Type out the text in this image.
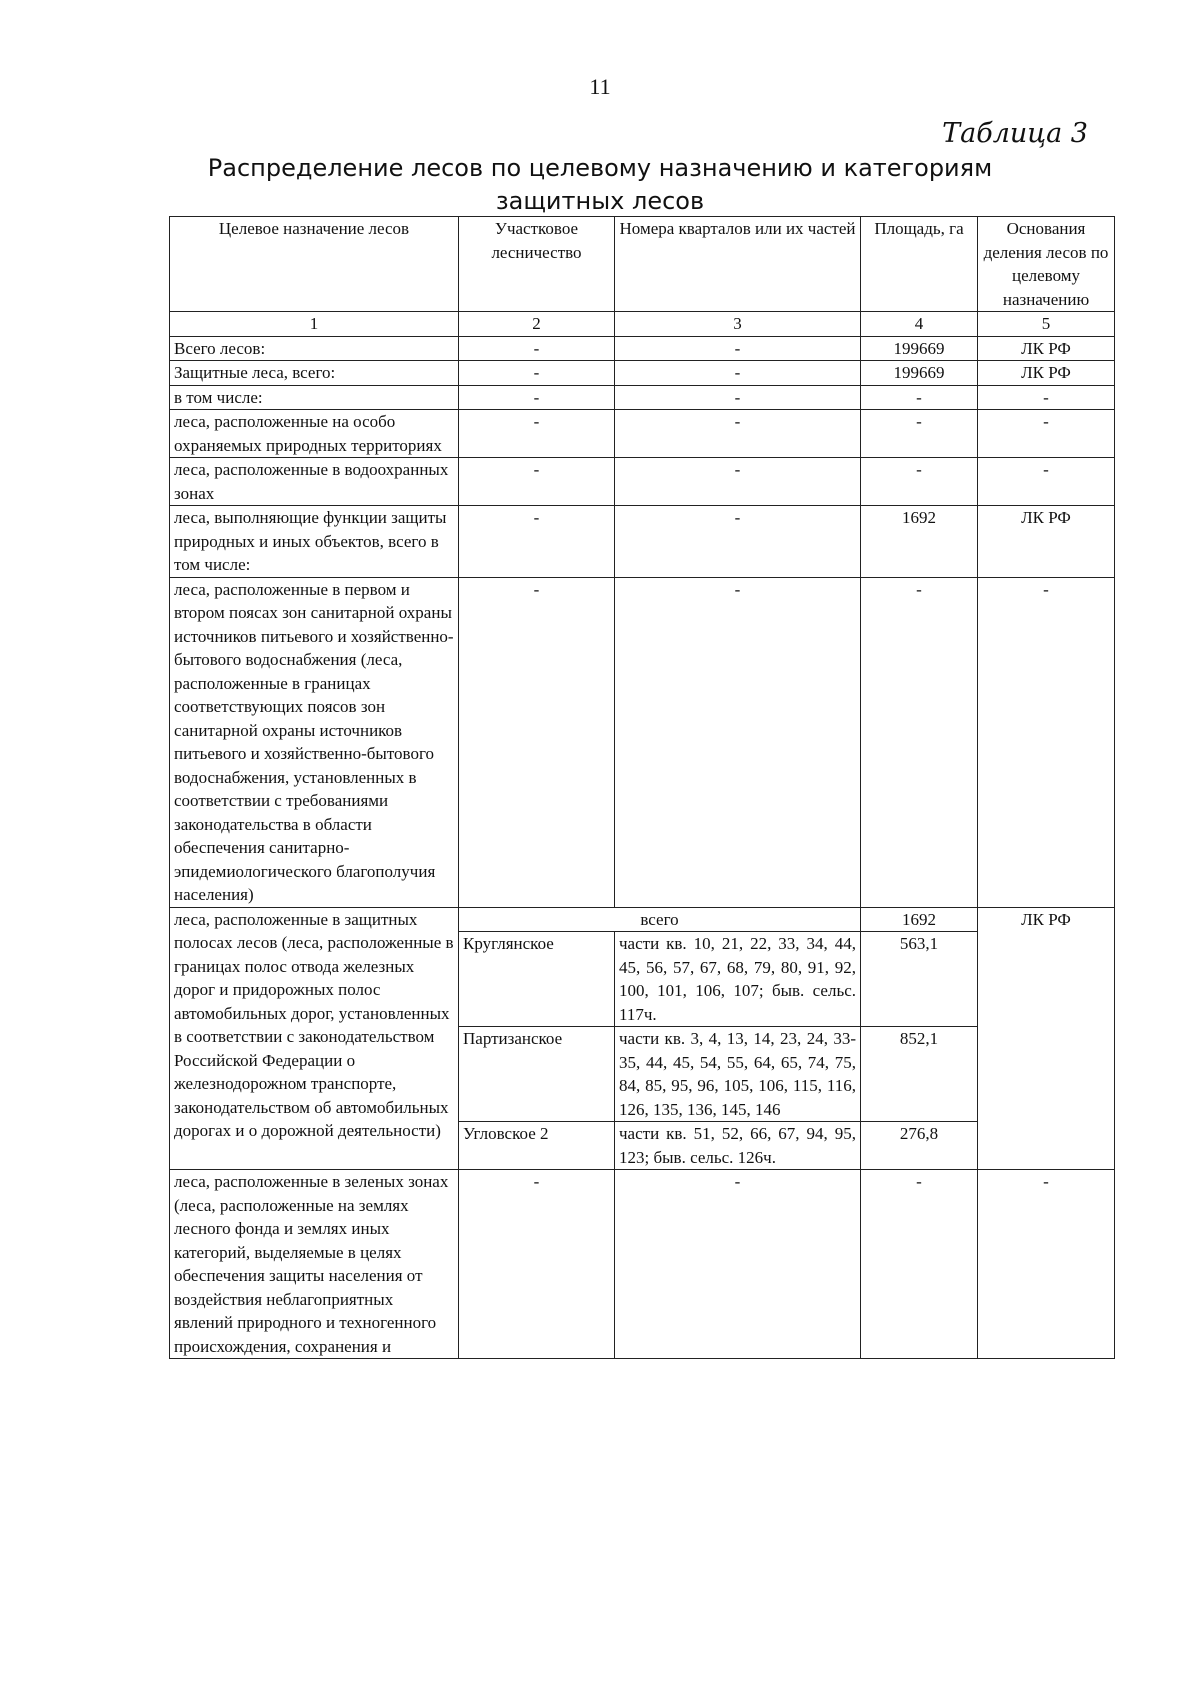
11
Таблица 3
Распределение лесов по целевому назначению и категориям
защитных лесов
Целевое назначение лесов	Участковое лесничество	Номера кварталов или их частей	Площадь, га	Основания деления лесов по целевому назначению
1	2	3	4	5
Всего лесов:	-	-	199669	ЛК РФ
Защитные леса, всего:	-	-	199669	ЛК РФ
в том числе:	-	-	-	-
леса, расположенные на особо охраняемых природных территориях	-	-	-	-
леса, расположенные в водоохранных зонах	-	-	-	-
леса, выполняющие функции защиты природных и иных объектов, всего в том числе:	-	-	1692	ЛК РФ
леса, расположенные в первом и втором поясах зон санитарной охраны источников питьевого и хозяйственно-бытового водоснабжения (леса, расположенные в границах соответствующих поясов зон санитарной охраны источников питьевого и хозяйственно-бытового водоснабжения, установленных в соответствии с требованиями законодательства в области обеспечения санитарно-эпидемиологического благополучия населения)	-	-	-	-
леса, расположенные в защитных полосах лесов (леса, расположенные в границах полос отвода железных дорог и придорожных полос автомобильных дорог, установленных в соответствии с законодательством Российской Федерации о железнодорожном транспорте, законодательством об автомобильных дорогах и о дорожной деятельности)	всего		1692	ЛК РФ
	Круглянское	части кв. 10, 21, 22, 33, 34, 44, 45, 56, 57, 67, 68, 79, 80, 91, 92, 100, 101, 106, 107; быв. сельс. 117ч.	563,1	
	Партизанское	части кв. 3, 4, 13, 14, 23, 24, 33-35, 44, 45, 54, 55, 64, 65, 74, 75, 84, 85, 95, 96, 105, 106, 115, 116, 126, 135, 136, 145, 146	852,1	
	Угловское 2	части кв. 51, 52, 66, 67, 94, 95, 123; быв. сельс. 126ч.	276,8	
леса, расположенные в зеленых зонах (леса, расположенные на землях лесного фонда и землях иных категорий, выделяемые в целях обеспечения защиты населения от воздействия неблагоприятных явлений природного и техногенного происхождения, сохранения и	-	-	-	-
